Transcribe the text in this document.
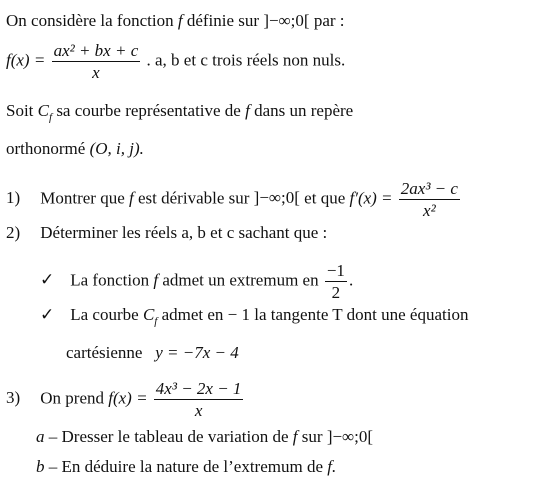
On considère la fonction f définie sur ]−∞;0[ par :
$f(x) = \frac{\text{ax² + bx + c}}{x}$ . a, b et c trois réels non nuls.
Soit $C_f$ sa courbe représentative de f dans un repère
orthonormé (O, i, j).
1) Montrer que f est dérivable sur ]−∞;0[ et que $f'(x) = \frac{\text{2ax³ − c}}{\text{x²}}$
2) Déterminer les réels a, b et c sachant que :
✓ La fonction f admet un extremum en $\frac{-1}{2}$ .
✓ La courbe $C_f$ admet en − 1 la tangente T dont une équation
cartésienne y = −7x − 4
3) On prend $f(x) = \frac{\text{4x³ − 2x − 1}}{x}$
a – Dresser le tableau de variation de f sur ]−∞;0[
b – En déduire la nature de l’extremum de f.
